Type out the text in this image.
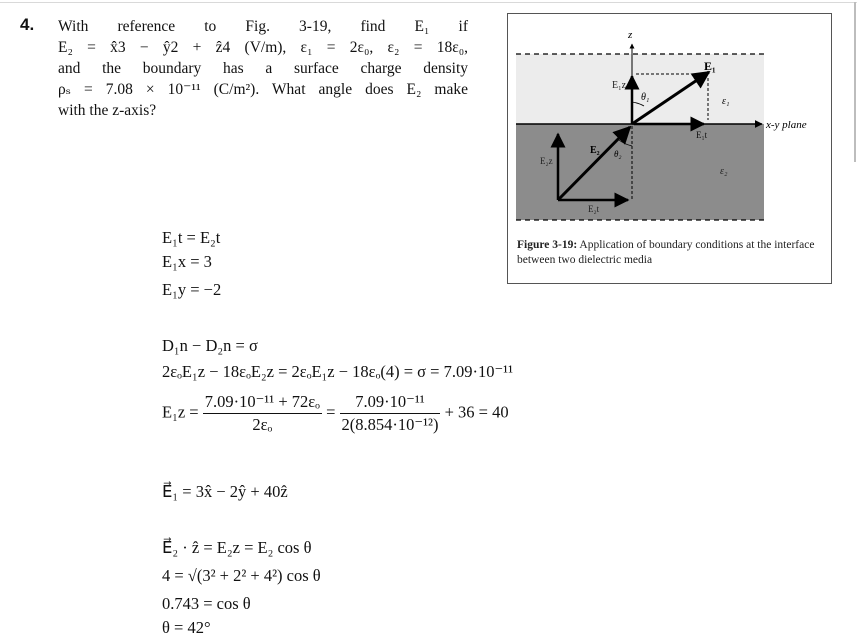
4. With reference to Fig. 3-19, find E₁ if
E₂ = x̂3 − ŷ2 + ẑ4 (V/m), ε₁ = 2ε₀, ε₂ = 18ε₀,
and the boundary has a surface charge density
ρₛ = 7.08 × 10⁻¹¹ (C/m²). What angle does E₂ make
with the z-axis?
z
E₁z
E₁
θ₁	ε₁
x-y plane
E₁t
E₂ θ₂
E₂z
ε₂
E₂t
Figure 3-19: Application of boundary conditions at the interface between two dielectric media
E₁t = E₂t
E₁x = 3
E₁y = −2
D₁n − D₂n = σ
2εₒE₁z − 18εₒE₂z = 2εₒE₁z − 18εₒ(4) = σ = 7.09·10⁻¹¹
$E_1z = \frac{\text{7.09·10⁻¹¹ + 72εₒ}}{\text{2εₒ}} = \frac{\text{7.09·10⁻¹¹}}{\text{2(8.854·10⁻¹²)}} + 36 = 40$
E⃗₁ = 3x̂ − 2ŷ + 40ẑ
E⃗₂ · ẑ = E₂z = E₂ cos θ
4 = √(3² + 2² + 4²) cos θ
0.743 = cos θ
θ = 42°
